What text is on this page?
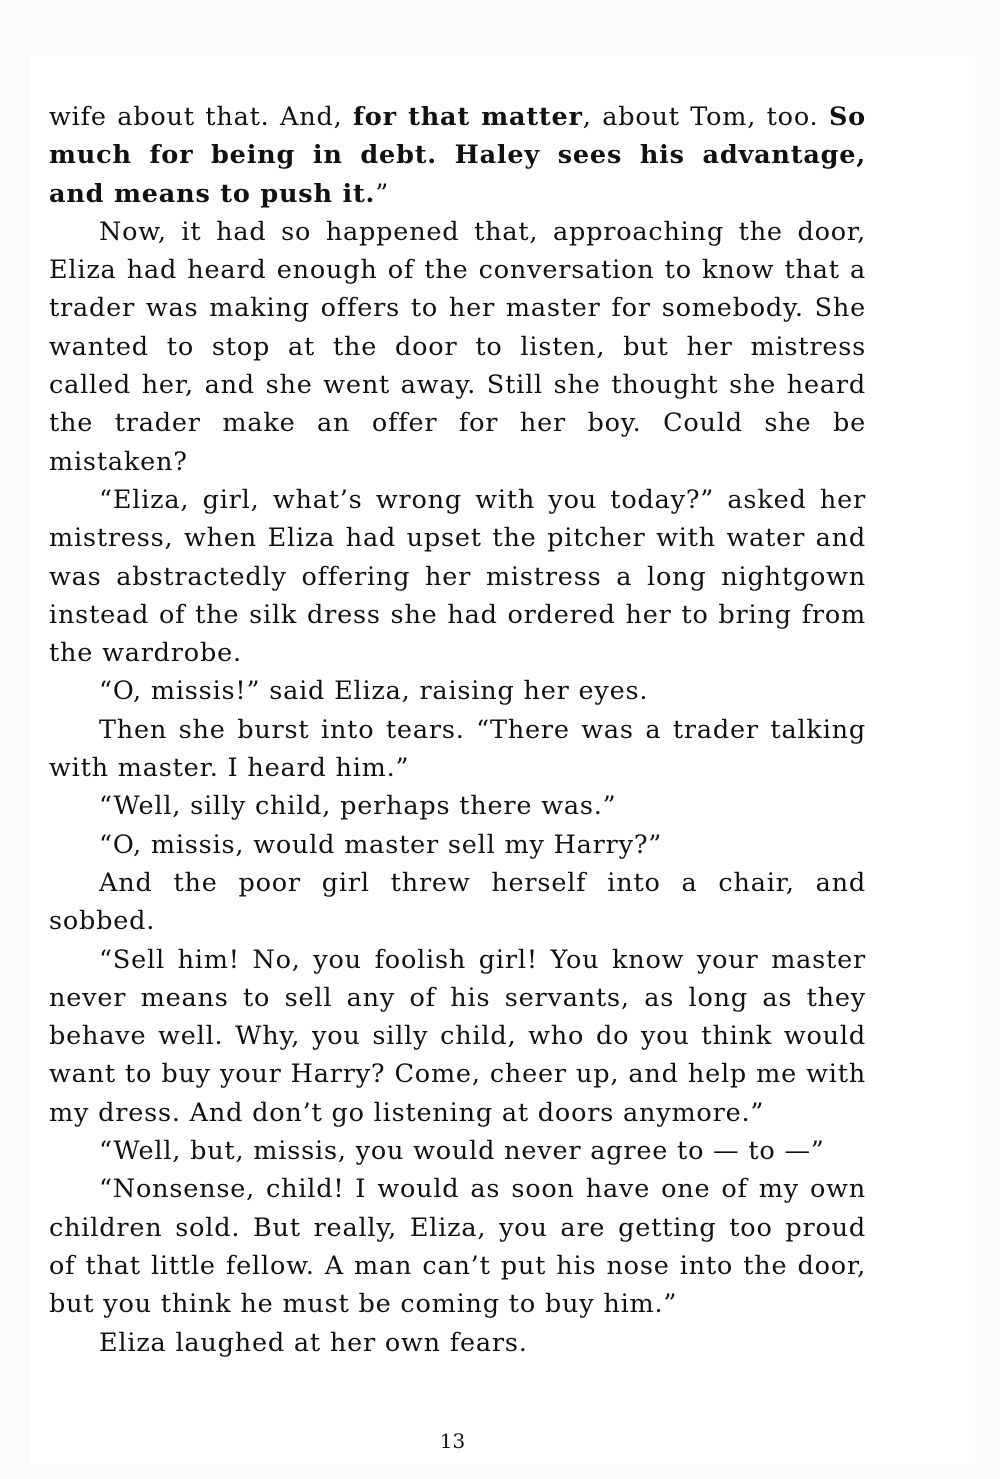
wife about that. And, for that matter, about Tom, too. So much for being in debt. Haley sees his advantage, and means to push it.”

Now, it had so happened that, approaching the door, Eliza had heard enough of the conversation to know that a trader was making offers to her master for somebody. She wanted to stop at the door to listen, but her mistress called her, and she went away. Still she thought she heard the trader make an offer for her boy. Could she be mistaken?

“Eliza, girl, what’s wrong with you today?” asked her mistress, when Eliza had upset the pitcher with water and was abstractedly offering her mistress a long nightgown instead of the silk dress she had ordered her to bring from the wardrobe.

“O, missis!” said Eliza, raising her eyes.

Then she burst into tears. “There was a trader talking with master. I heard him.”

“Well, silly child, perhaps there was.”

“O, missis, would master sell my Harry?”

And the poor girl threw herself into a chair, and sobbed.

“Sell him! No, you foolish girl! You know your master never means to sell any of his servants, as long as they behave well. Why, you silly child, who do you think would want to buy your Harry? Come, cheer up, and help me with my dress. And don’t go listening at doors anymore.”

“Well, but, missis, you would never agree to — to —”

“Nonsense, child! I would as soon have one of my own children sold. But really, Eliza, you are getting too proud of that little fellow. A man can’t put his nose into the door, but you think he must be coming to buy him.”

Eliza laughed at her own fears.

13
